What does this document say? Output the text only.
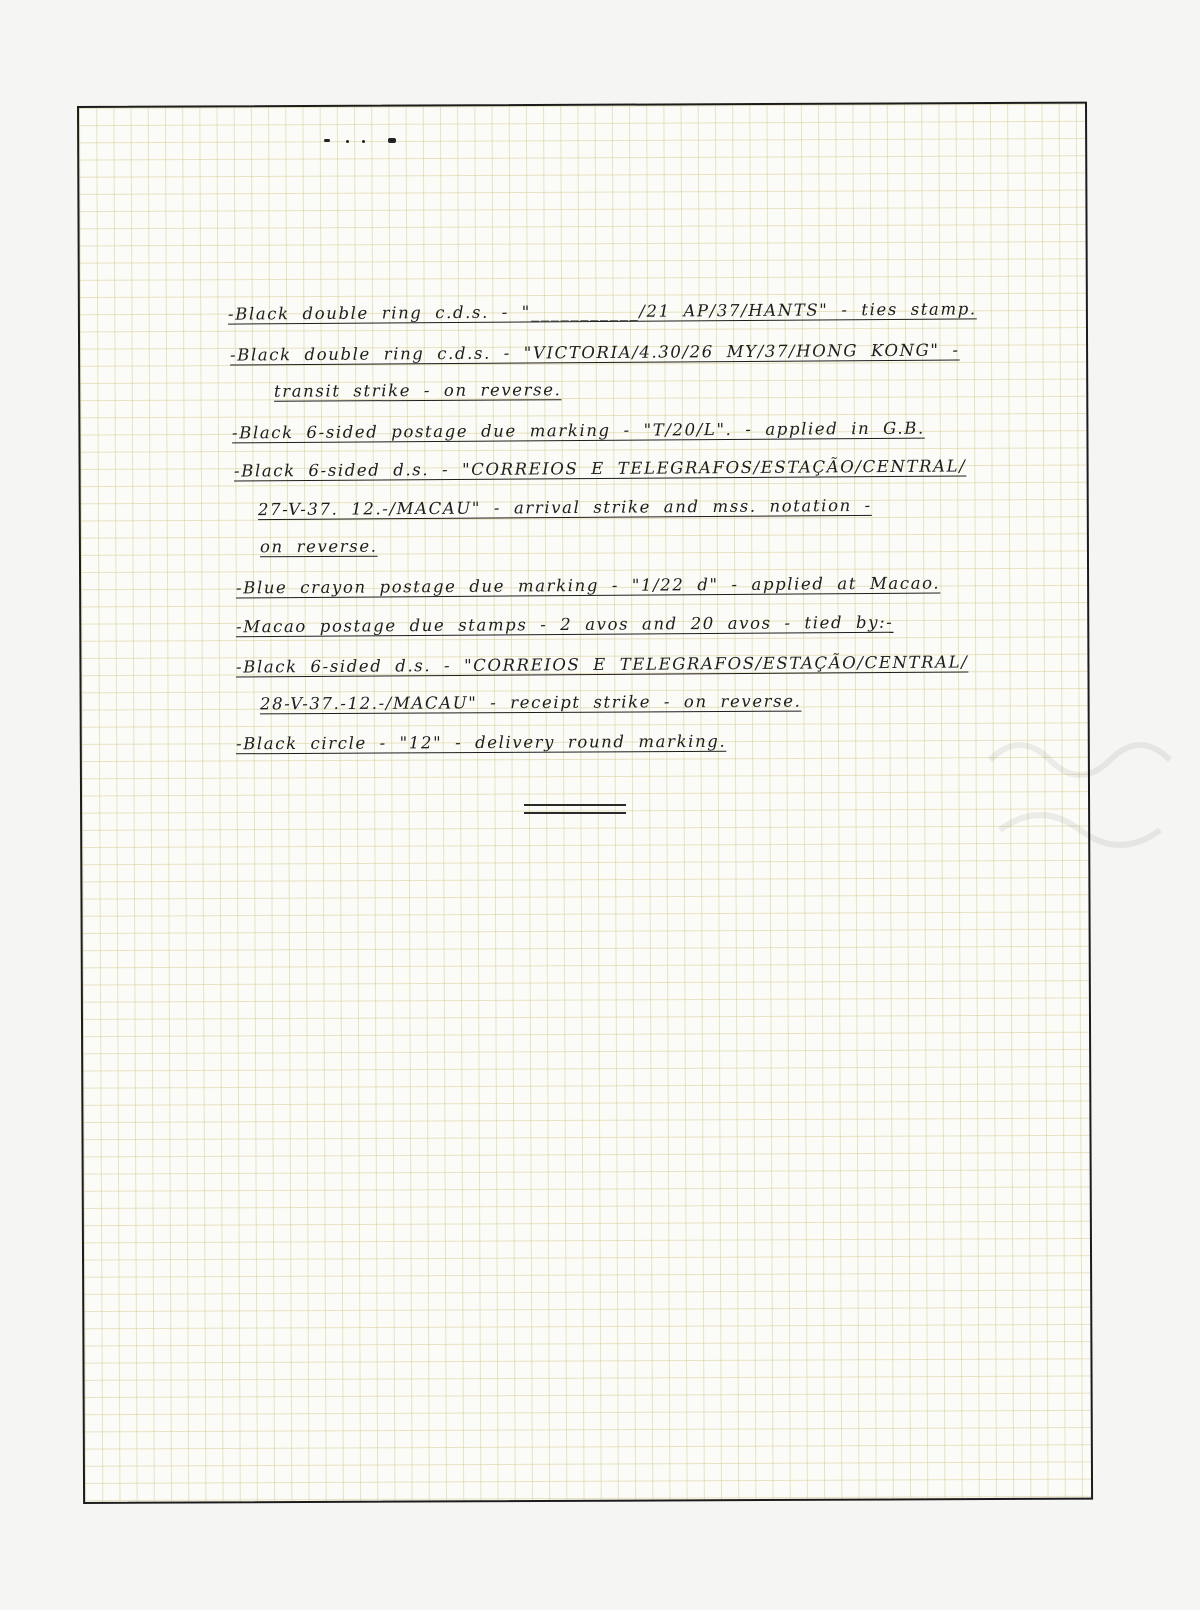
-Black double ring c.d.s. - "___________/21 AP/37/HANTS" - ties stamp.

-Black double ring c.d.s. - "VICTORIA/4.30/26 MY/37/HONG KONG" -

transit strike - on reverse.

-Black 6-sided postage due marking - "T/20/L". - applied in G.B.

-Black 6-sided d.s. - "CORREIOS E TELEGRAFOS/ESTAÇÃO/CENTRAL/

27-V-37. 12.-/MACAU" - arrival strike and mss. notation -

on reverse.

-Blue crayon postage due marking - "1/22 d" - applied at Macao.

-Macao postage due stamps - 2 avos and 20 avos - tied by:-

-Black 6-sided d.s. - "CORREIOS E TELEGRAFOS/ESTAÇÃO/CENTRAL/

28-V-37.-12.-/MACAU" - receipt strike - on reverse.

-Black circle - "12" - delivery round marking.
